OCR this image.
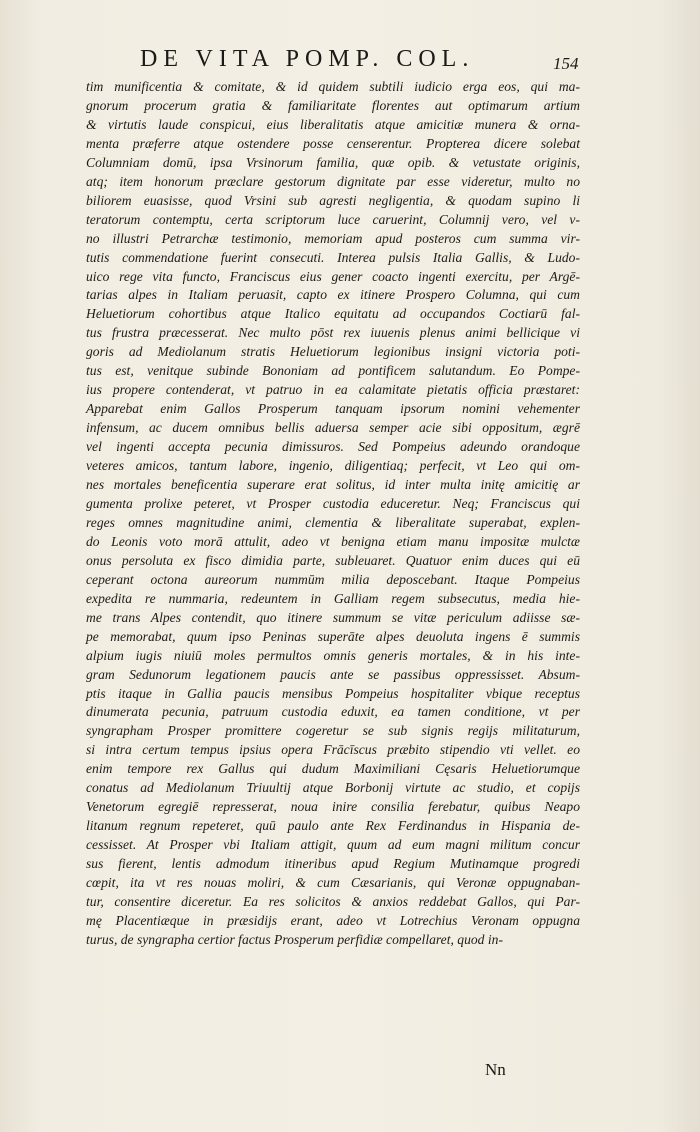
DE VITA POMP. COL.	154
tim munificentia & comitate, & id quidem subtili iudicio erga eos, qui ma-
gnorum procerum gratia & familiaritate florentes aut optimarum artium
& virtutis laude conspicui, eius liberalitatis atque amicitiæ munera & orna-
menta præferre atque ostendere posse censerentur. Propterea dicere solebat
Columniam domū, ipsa Vrsinorum familia, quæ opib. & vetustate originis,
atq; item honorum præclare gestorum dignitate par esse videretur, multo no
biliorem euasisse, quod Vrsini sub agresti negligentia, & quodam supino li
teratorum contemptu, certa scriptorum luce caruerint, Columnij vero, vel v-
no illustri Petrarchæ testimonio, memoriam apud posteros cum summa vir-
tutis commendatione fuerint consecuti. Interea pulsis Italia Gallis, & Ludo-
uico rege vita functo, Franciscus eius gener coacto ingenti exercitu, per Argē-
tarias alpes in Italiam peruasit, capto ex itinere Prospero Columna, qui cum
Heluetiorum cohortibus atque Italico equitatu ad occupandos Coctiarū fal-
tus frustra præcesserat. Nec multo pōst rex iuuenis plenus animi bellicique vi
goris ad Mediolanum stratis Heluetiorum legionibus insigni victoria poti-
tus est, venitque subinde Bononiam ad pontificem salutandum. Eo Pompe-
ius propere contenderat, vt patruo in ea calamitate pietatis officia præstaret:
Apparebat enim Gallos Prosperum tanquam ipsorum nomini vehementer
infensum, ac ducem omnibus bellis aduersa semper acie sibi oppositum, ægrē
vel ingenti accepta pecunia dimissuros. Sed Pompeius adeundo orandoque
veteres amicos, tantum labore, ingenio, diligentiaq; perfecit, vt Leo qui om-
nes mortales beneficentia superare erat solitus, id inter multa initę amicitię ar
gumenta prolixe peteret, vt Prosper custodia educeretur. Neq; Franciscus qui
reges omnes magnitudine animi, clementia & liberalitate superabat, explen-
do Leonis voto morā attulit, adeo vt benigna etiam manu impositæ mulctæ
onus persoluta ex fisco dimidia parte, subleuaret. Quatuor enim duces qui eū
ceperant octona aureorum nummūm milia deposcebant. Itaque Pompeius
expedita re nummaria, redeuntem in Galliam regem subsecutus, media hie-
me trans Alpes contendit, quo itinere summum se vitæ periculum adiisse sæ-
pe memorabat, quum ipso Peninas superāte alpes deuoluta ingens ē summis
alpium iugis niuiū moles permultos omnis generis mortales, & in his inte-
gram Sedunorum legationem paucis ante se passibus oppressisset. Absum-
ptis itaque in Gallia paucis mensibus Pompeius hospitaliter vbique receptus
dinumerata pecunia, patruum custodia eduxit, ea tamen conditione, vt per
syngrapham Prosper promittere cogeretur se sub signis regijs militaturum,
si intra certum tempus ipsius opera Frācīscus præbito stipendio vti vellet. eo
enim tempore rex Gallus qui dudum Maximiliani Cęsaris Heluetiorumque
conatus ad Mediolanum Triuultij atque Borbonij virtute ac studio, et copijs
Venetorum egregiē represserat, noua inire consilia ferebatur, quibus Neapo
litanum regnum repeteret, quū paulo ante Rex Ferdinandus in Hispania de-
cessisset. At Prosper vbi Italiam attigit, quum ad eum magni militum concur
sus fierent, lentis admodum itineribus apud Regium Mutinamque progredi
cœpit, ita vt res nouas moliri, & cum Cæsarianis, qui Veronæ oppugnaban-
tur, consentire diceretur. Ea res solicitos & anxios reddebat Gallos, qui Par-
mę Placentiæque in præsidijs erant, adeo vt Lotrechius Veronam oppugna
turus, de syngrapha certior factus Prosperum perfidiæ compellaret, quod in-
Nn
